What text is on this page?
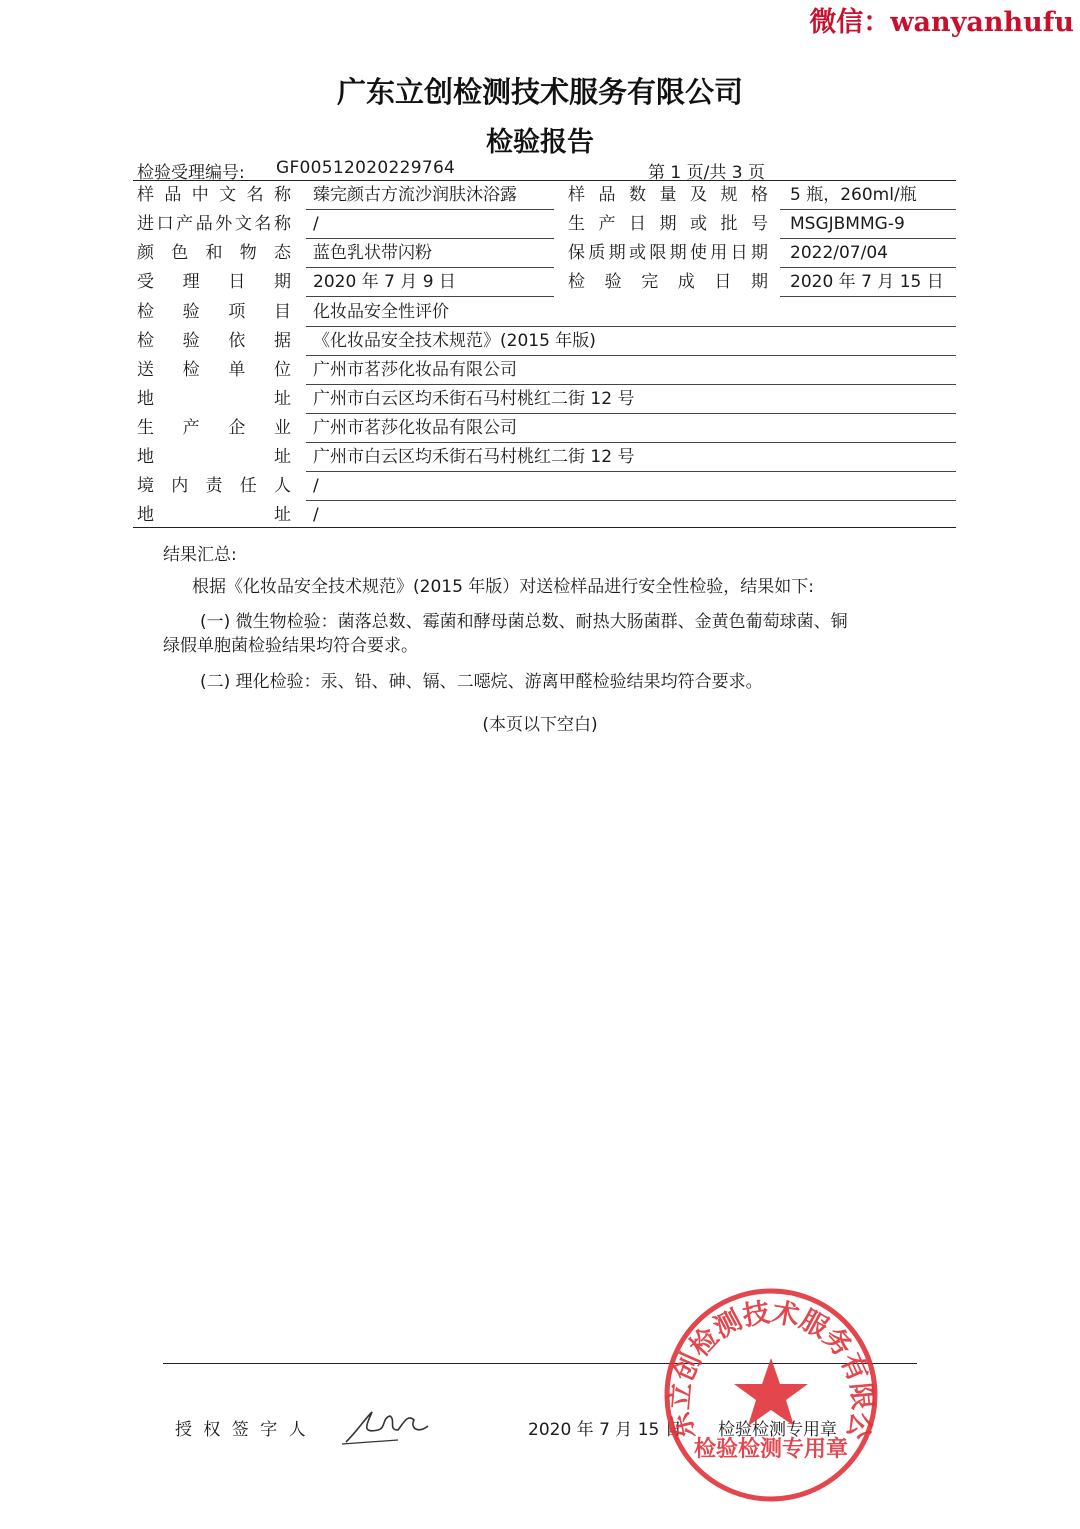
微信：wanyanhufu
广东立创检测技术服务有限公司
检验报告
检验受理编号: GF00512020229764	第 1 页/共 3 页
样 品 中 文 名 称 臻完颜古方流沙润肤沐浴露	样 品 数 量 及 规 格 5 瓶，260ml/瓶
进 口 产 品 外 文 名 称 /	生 产 日 期 或 批 号 MSGJBMMG-9
颜 色 和 物 态 蓝色乳状带闪粉	保 质 期 或 限 期 使 用 日 期 2022/07/04
受 理 日 期 2020 年 7 月 9 日	检 验 完 成 日 期 2020 年 7 月 15 日
检 验 项 目 化妆品安全性评价
检 验 依 据 《化妆品安全技术规范》(2015 年版)
送 检 单 位 广州市茗莎化妆品有限公司
地	址 广州市白云区均禾街石马村桃红二街 12 号
生 产 企 业 广州市茗莎化妆品有限公司
地	址 广州市白云区均禾街石马村桃红二街 12 号
境 内 责 任 人 /
地	址 /
结果汇总:
根据《化妆品安全技术规范》(2015 年版）对送检样品进行安全性检验，结果如下:
(一) 微生物检验：菌落总数、霉菌和酵母菌总数、耐热大肠菌群、金黄色葡萄球菌、铜
绿假单胞菌检验结果均符合要求。
(二) 理化检验：汞、铅、砷、镉、二噁烷、游离甲醛检验结果均符合要求。
(本页以下空白)
授 权 签 字 人	2020 年 7 月 15 日 检验检测专用章
东立创检测技术服务有限公
检验检测专用章
